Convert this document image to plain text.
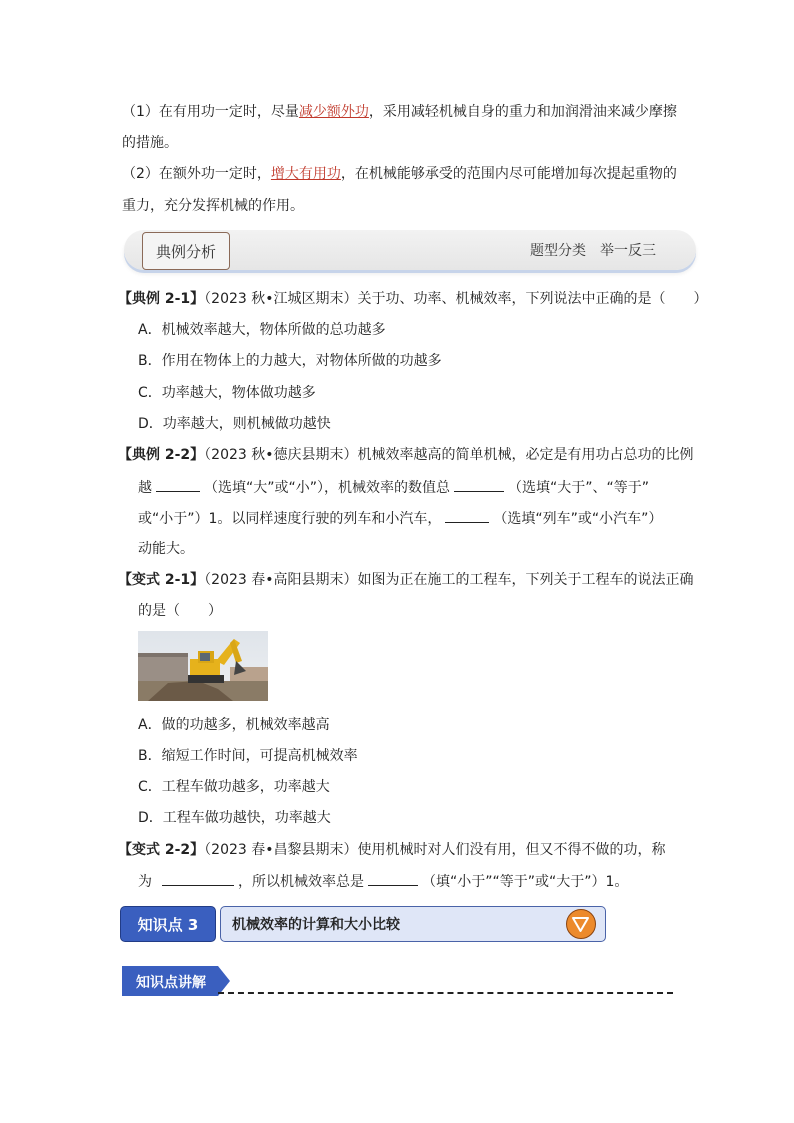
（1）在有用功一定时，尽量减少额外功，采用减轻机械自身的重力和加润滑油来减少摩擦
的措施。
（2）在额外功一定时，增大有用功，在机械能够承受的范围内尽可能增加每次提起重物的
重力，充分发挥机械的作用。
典例分析	题型分类　举一反三
【典例 2-1】（2023 秋•江城区期末）关于功、功率、机械效率，下列说法中正确的是（　　）
A．机械效率越大，物体所做的总功越多
B．作用在物体上的力越大，对物体所做的功越多
C．功率越大，物体做功越多
D．功率越大，则机械做功越快
【典例 2-2】（2023 秋•德庆县期末）机械效率越高的简单机械，必定是有用功占总功的比例
越	（选填“大”或“小”），机械效率的数值总	（选填“大于”、“等于”
或“小于”）1。以同样速度行驶的列车和小汽车，	（选填“列车”或“小汽车”）
动能大。
【变式 2-1】（2023 春•高阳县期末）如图为正在施工的工程车，下列关于工程车的说法正确
的是（　　）
A．做的功越多，机械效率越高
B．缩短工作时间，可提高机械效率
C．工程车做功越多，功率越大
D．工程车做功越快，功率越大
【变式 2-2】（2023 春•昌黎县期末）使用机械时对人们没有用，但又不得不做的功，称
为	，所以机械效率总是	（填“小于”“等于”或“大于”）1。
知识点 3	机械效率的计算和大小比较
知识点讲解
